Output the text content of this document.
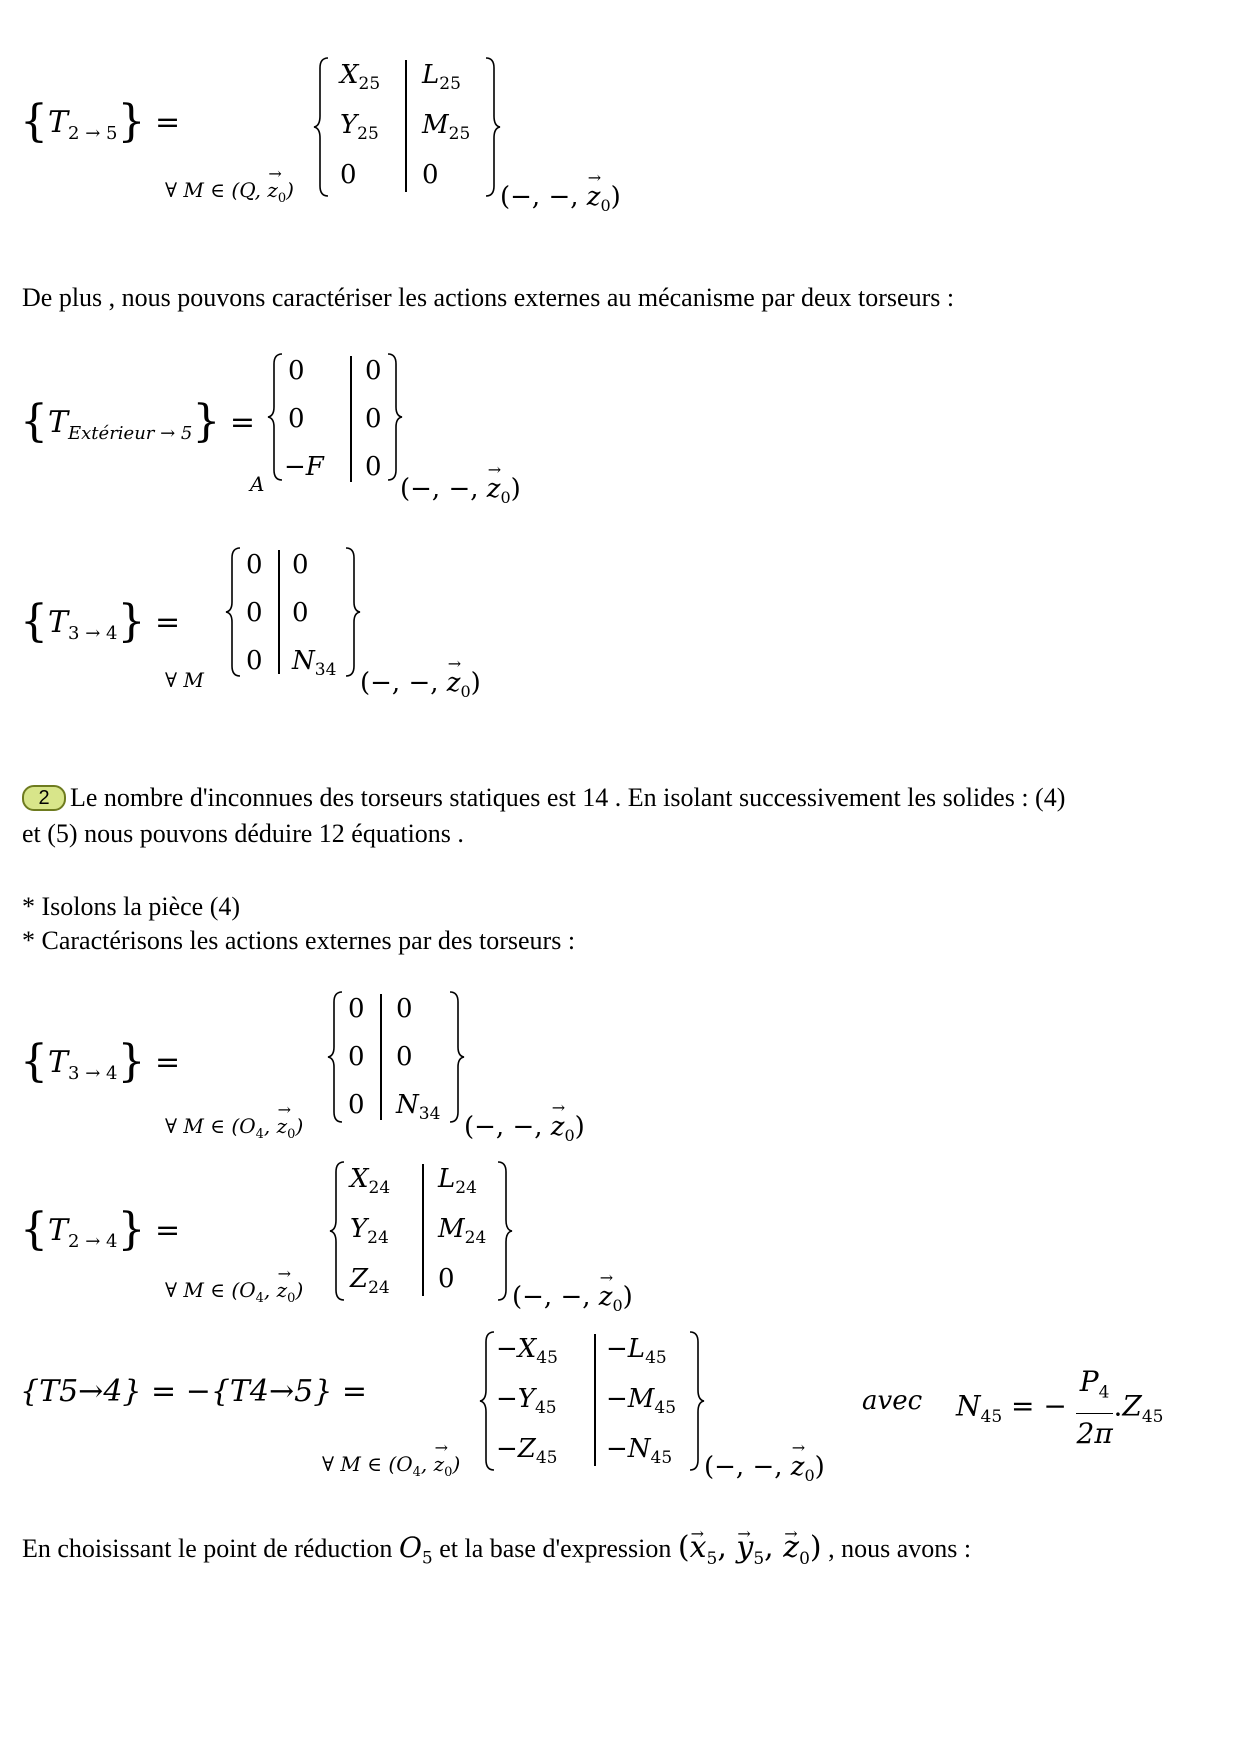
$\{T_{2 \to 5}\}$ =
∀ M ∈ (Q, → $z_0$)
$X_{25}$
$Y_{25}$
0
$L_{25}$
$M_{25}$
0
(−, −, → $z_0$)
De plus , nous pouvons caractériser les actions externes au mécanisme par deux torseurs :
$\{T_{Extérieur \to 5}\}$ =
A
0
0
−F
0
0
0
(−, −, → $z_0$)
$\{T_{3 \to 4}\}$ =
∀ M
0
0
0
0
0
$N_{34}$ (−, −, → $z_0$)
2 Le nombre d'inconnues des torseurs statiques est 14 . En isolant successivement les solides : (4)
et (5) nous pouvons déduire 12 équations .
* Isolons la pièce (4)
* Caractérisons les actions externes par des torseurs :
$\{T_{3 \to 4}\}$ =
∀ M ∈ ($O_4$, → $z_0$)
0
0
0
0
0
$N_{34}$ (−, −, → $z_0$)
$\{T_{2 \to 4}\}$ =
∀ M ∈ ($O_4$, → $z_0$)
$X_{24}$
$Y_{24}$
$Z_{24}$
$L_{24}$
$M_{24}$
0
(−, −, → $z_0$)
{T5→4} = −{T4→5} =
∀ M ∈ ($O_4$, → $z_0$)
$-X_{45}$
$-Y_{45}$
$-Z_{45}$
$-L_{45}$
$-M_{45}$
$-N_{45}$ (−, −, → $z_0$)
avec $N_{45}$ = − $\frac{P_4}{2\pi} .Z_{45}$
En choisissant le point de réduction $O_5$ et la base d'expression (→ $x_5$, → $y_5$, → $z_0$) , nous avons :
